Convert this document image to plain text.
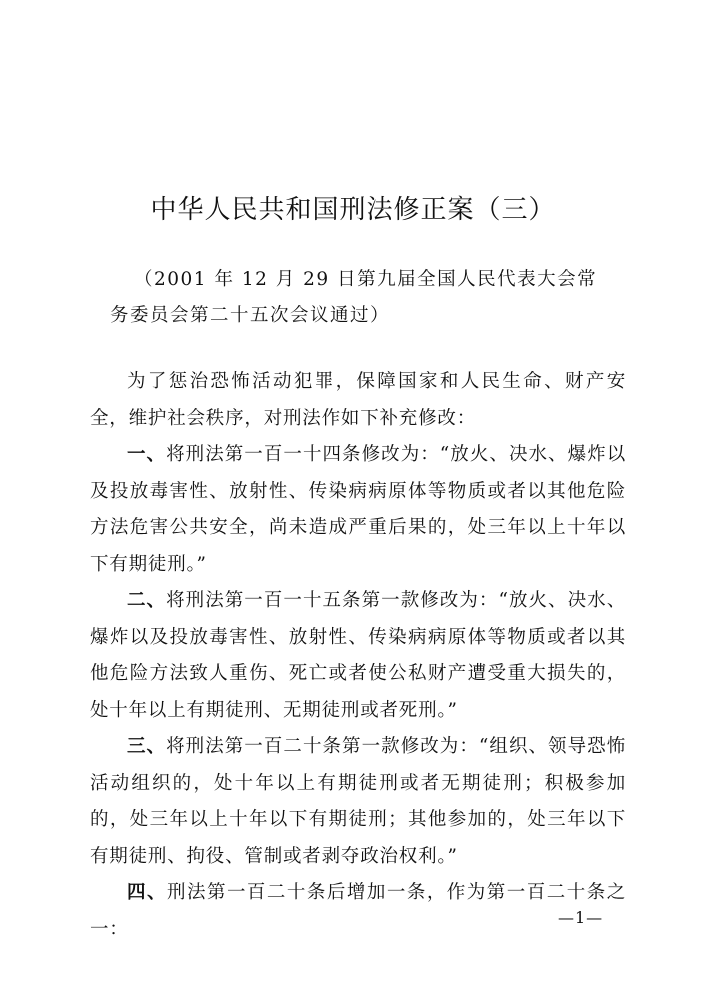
中华人民共和国刑法修正案（三）

（2001 年 12 月 29 日第九届全国人民代表大会常务委员会第二十五次会议通过）

为了惩治恐怖活动犯罪，保障国家和人民生命、财产安全，维护社会秩序，对刑法作如下补充修改：

一、将刑法第一百一十四条修改为：“放火、决水、爆炸以及投放毒害性、放射性、传染病病原体等物质或者以其他危险方法危害公共安全，尚未造成严重后果的，处三年以上十年以下有期徒刑。”

二、将刑法第一百一十五条第一款修改为：“放火、决水、爆炸以及投放毒害性、放射性、传染病病原体等物质或者以其他危险方法致人重伤、死亡或者使公私财产遭受重大损失的，处十年以上有期徒刑、无期徒刑或者死刑。”

三、将刑法第一百二十条第一款修改为：“组织、领导恐怖活动组织的，处十年以上有期徒刑或者无期徒刑；积极参加的，处三年以上十年以下有期徒刑；其他参加的，处三年以下有期徒刑、拘役、管制或者剥夺政治权利。”

四、刑法第一百二十条后增加一条，作为第一百二十条之一：

—1—
